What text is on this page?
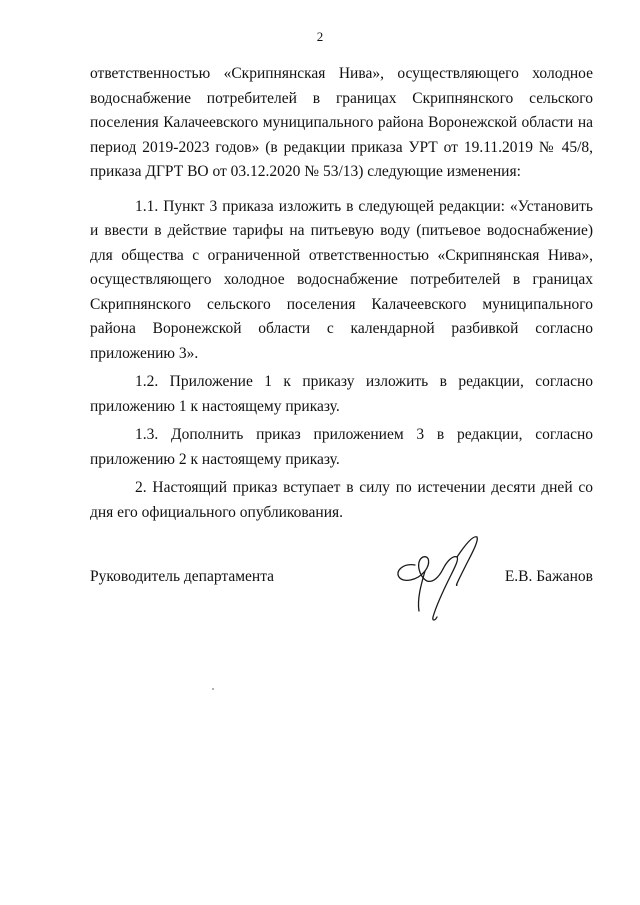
2

ответственностью «Скрипнянская Нива», осуществляющего холодное водоснабжение потребителей в границах Скрипнянского сельского поселения Калачеевского муниципального района Воронежской области на период 2019-2023 годов» (в редакции приказа УРТ от 19.11.2019 № 45/8, приказа ДГРТ ВО от 03.12.2020 № 53/13) следующие изменения:

1.1. Пункт 3 приказа изложить в следующей редакции: «Установить и ввести в действие тарифы на питьевую воду (питьевое водоснабжение) для общества с ограниченной ответственностью «Скрипнянская Нива», осуществляющего холодное водоснабжение потребителей в границах Скрипнянского сельского поселения Калачеевского муниципального района Воронежской области с календарной разбивкой согласно приложению 3».

1.2. Приложение 1 к приказу изложить в редакции, согласно приложению 1 к настоящему приказу.

1.3. Дополнить приказ приложением 3 в редакции, согласно приложению 2 к настоящему приказу.

2. Настоящий приказ вступает в силу по истечении десяти дней со дня его официального опубликования.

Руководитель департамента	Е.В. Бажанов
